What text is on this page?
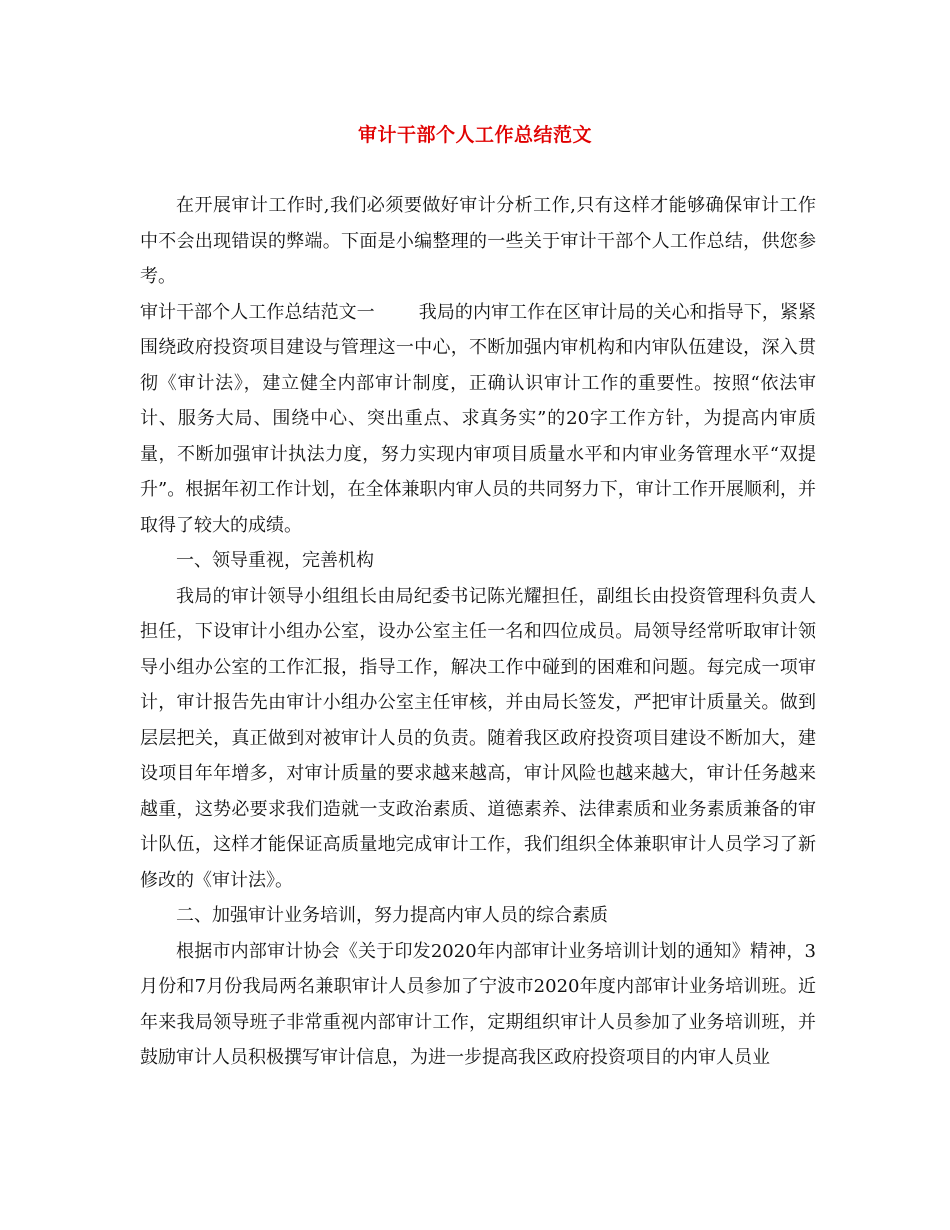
审计干部个人工作总结范文

在开展审计工作时,我们必须要做好审计分析工作,只有这样才能够确保审计工作中不会出现错误的弊端。下面是小编整理的一些关于审计干部个人工作总结，供您参考。

审计干部个人工作总结范文一 我局的内审工作在区审计局的关心和指导下，紧紧围绕政府投资项目建设与管理这一中心，不断加强内审机构和内审队伍建设，深入贯彻《审计法》，建立健全内部审计制度，正确认识审计工作的重要性。按照“依法审计、服务大局、围绕中心、突出重点、求真务实”的20字工作方针，为提高内审质量，不断加强审计执法力度，努力实现内审项目质量水平和内审业务管理水平“双提升”。根据年初工作计划，在全体兼职内审人员的共同努力下，审计工作开展顺利，并取得了较大的成绩。

一、领导重视，完善机构

我局的审计领导小组组长由局纪委书记陈光耀担任，副组长由投资管理科负责人担任，下设审计小组办公室，设办公室主任一名和四位成员。局领导经常听取审计领导小组办公室的工作汇报，指导工作，解决工作中碰到的困难和问题。每完成一项审计，审计报告先由审计小组办公室主任审核，并由局长签发，严把审计质量关。做到层层把关，真正做到对被审计人员的负责。随着我区政府投资项目建设不断加大，建设项目年年增多，对审计质量的要求越来越高，审计风险也越来越大，审计任务越来越重，这势必要求我们造就一支政治素质、道德素养、法律素质和业务素质兼备的审计队伍，这样才能保证高质量地完成审计工作，我们组织全体兼职审计人员学习了新修改的《审计法》。

二、加强审计业务培训，努力提高内审人员的综合素质

根据市内部审计协会《关于印发2020年内部审计业务培训计划的通知》精神，3月份和7月份我局两名兼职审计人员参加了宁波市2020年度内部审计业务培训班。近年来我局领导班子非常重视内部审计工作，定期组织审计人员参加了业务培训班，并鼓励审计人员积极撰写审计信息，为进一步提高我区政府投资项目的内审人员业
